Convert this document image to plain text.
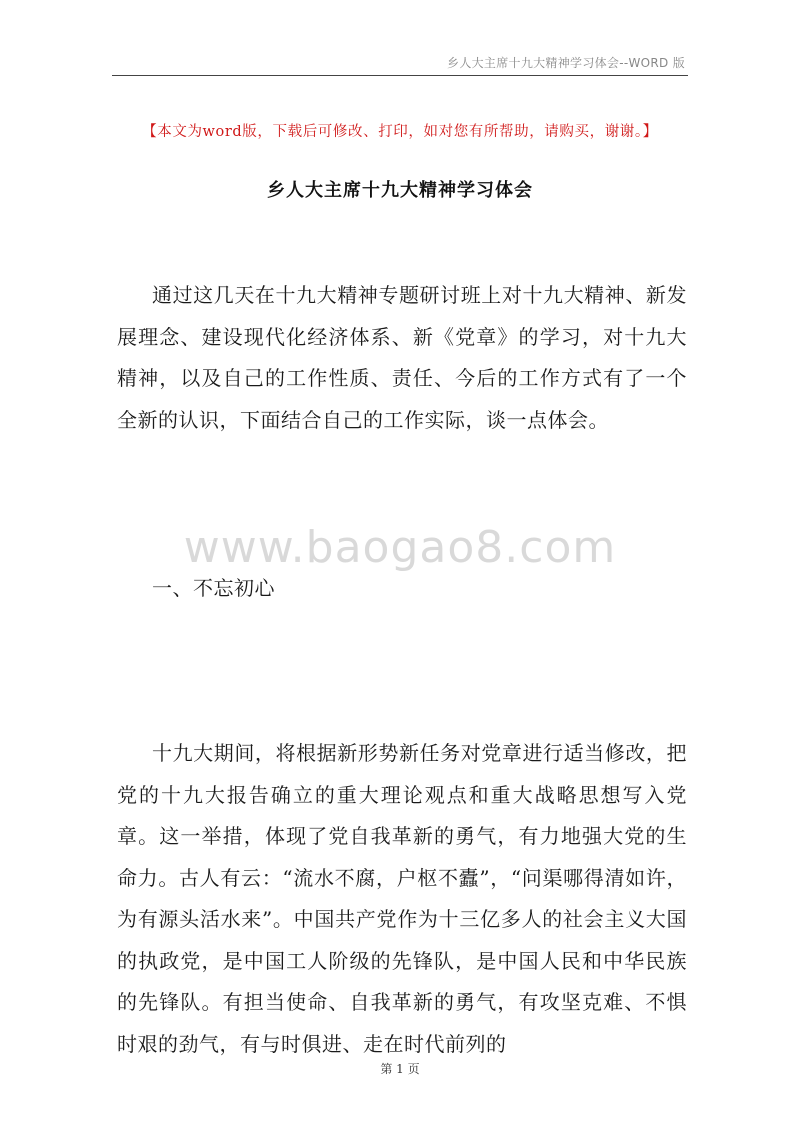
乡人大主席十九大精神学习体会--WORD 版
【本文为word版，下载后可修改、打印，如对您有所帮助，请购买，谢谢。】
乡人大主席十九大精神学习体会

通过这几天在十九大精神专题研讨班上对十九大精神、新发展理念、建设现代化经济体系、新《党章》的学习，对十九大精神，以及自己的工作性质、责任、今后的工作方式有了一个全新的认识，下面结合自己的工作实际，谈一点体会。

www.baogao8.com
一、不忘初心

十九大期间，将根据新形势新任务对党章进行适当修改，把党的十九大报告确立的重大理论观点和重大战略思想写入党章。这一举措，体现了党自我革新的勇气，有力地强大党的生命力。古人有云：“流水不腐，户枢不蠹”，“问渠哪得清如许，为有源头活水来”。中国共产党作为十三亿多人的社会主义大国的执政党，是中国工人阶级的先锋队，是中国人民和中华民族的先锋队。有担当使命、自我革新的勇气，有攻坚克难、不惧时艰的劲气，有与时俱进、走在时代前列的

第 1 页
